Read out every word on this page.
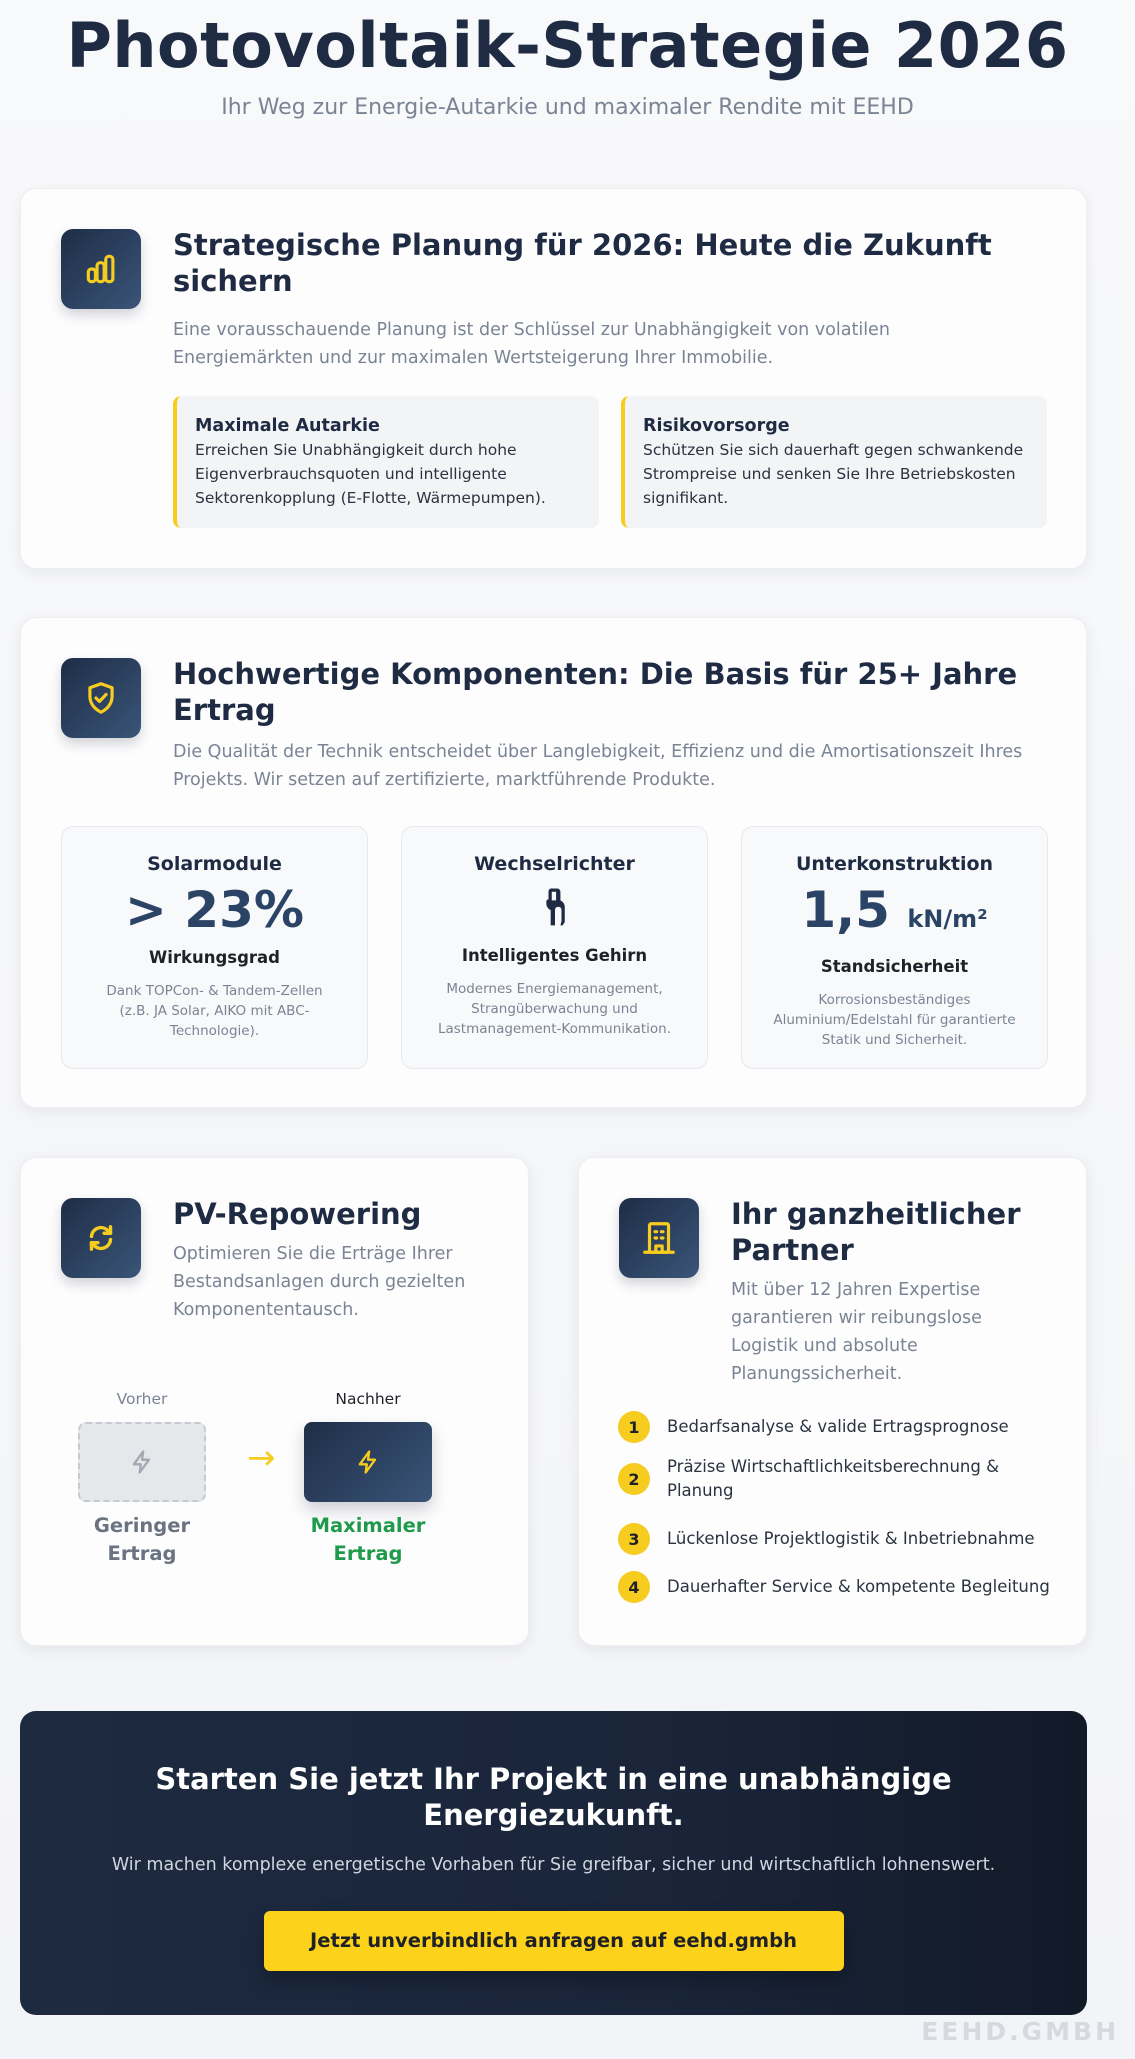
Photovoltaik-Strategie 2026

Ihr Weg zur Energie-Autarkie und maximaler Rendite mit EEHD

Strategische Planung für 2026: Heute die Zukunft sichern

Eine vorausschauende Planung ist der Schlüssel zur Unabhängigkeit von volatilen Energiemärkten und zur maximalen Wertsteigerung Ihrer Immobilie.

Maximale Autarkie

Erreichen Sie Unabhängigkeit durch hohe Eigenverbrauchsquoten und intelligente Sektorenkopplung (E-Flotte, Wärmepumpen).

Risikovorsorge

Schützen Sie sich dauerhaft gegen schwankende Strompreise und senken Sie Ihre Betriebskosten signifikant.

Hochwertige Komponenten: Die Basis für 25+ Jahre Ertrag

Die Qualität der Technik entscheidet über Langlebigkeit, Effizienz und die Amortisationszeit Ihres Projekts. Wir setzen auf zertifizierte, marktführende Produkte.

Solarmodule
> 23%
Wirkungsgrad
Dank TOPCon- & Tandem-Zellen (z.B. JA Solar, AIKO mit ABC-Technologie).
Wechselrichter
Intelligentes Gehirn
Modernes Energiemanagement, Strangüberwachung und Lastmanagement-Kommunikation.
Unterkonstruktion
1,5 kN/m²
Standsicherheit
Korrosionsbeständiges Aluminium/Edelstahl für garantierte Statik und Sicherheit.
PV-Repowering

Optimieren Sie die Erträge Ihrer Bestandsanlagen durch gezielten Komponententausch.

Vorher	Nachher
→
Geringer Ertrag
Maximaler Ertrag
Ihr ganzheitlicher Partner

Mit über 12 Jahren Expertise garantieren wir reibungslose Logistik und absolute Planungssicherheit.

1	Bedarfsanalyse & valide Ertragsprognose
2
Präzise Wirtschaftlichkeitsberechnung & Planung
3	Lückenlose Projektlogistik & Inbetriebnahme
4	Dauerhafter Service & kompetente Begleitung
Starten Sie jetzt Ihr Projekt in eine unabhängige Energiezukunft.

Wir machen komplexe energetische Vorhaben für Sie greifbar, sicher und wirtschaftlich lohnenswert.

Jetzt unverbindlich anfragen auf eehd.gmbh
EEHD.GMBH
